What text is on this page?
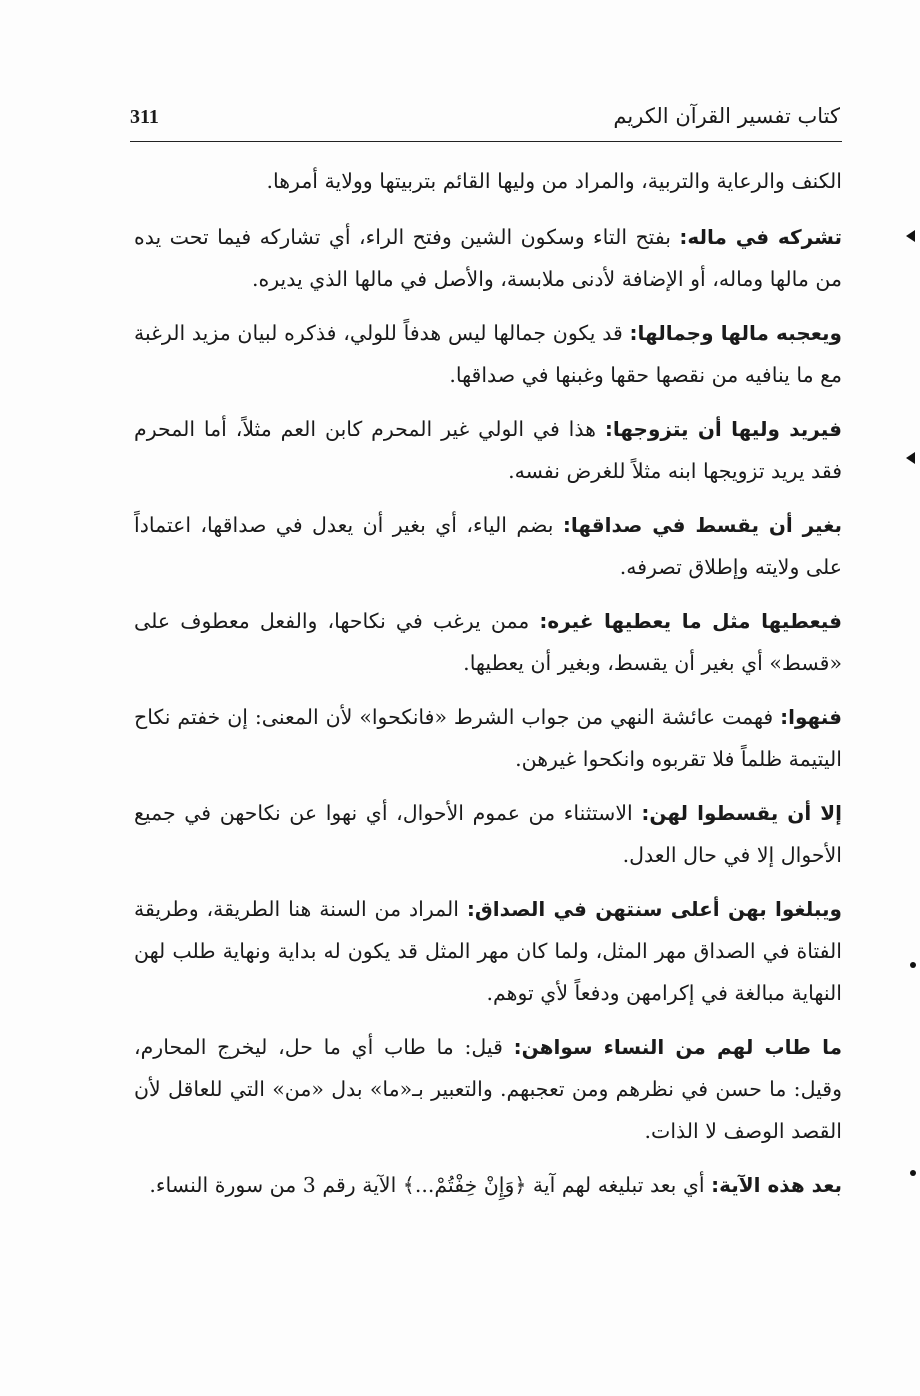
كتاب تفسير القرآن الكريم
311

الكنف والرعاية والتربية، والمراد من وليها القائم بتربيتها وولاية أمرها.

تشركه في ماله: بفتح التاء وسكون الشين وفتح الراء، أي تشاركه فيما تحت يده من مالها وماله، أو الإضافة لأدنى ملابسة، والأصل في مالها الذي يديره.

ويعجبه مالها وجمالها: قد يكون جمالها ليس هدفاً للولي، فذكره لبيان مزيد الرغبة مع ما ينافيه من نقصها حقها وغبنها في صداقها.

فيريد وليها أن يتزوجها: هذا في الولي غير المحرم كابن العم مثلاً، أما المحرم فقد يريد تزويجها ابنه مثلاً للغرض نفسه.

بغير أن يقسط في صداقها: بضم الياء، أي بغير أن يعدل في صداقها، اعتماداً على ولايته وإطلاق تصرفه.

فيعطيها مثل ما يعطيها غيره: ممن يرغب في نكاحها، والفعل معطوف على «قسط» أي بغير أن يقسط، وبغير أن يعطيها.

فنهوا: فهمت عائشة النهي من جواب الشرط «فانكحوا» لأن المعنى: إن خفتم نكاح اليتيمة ظلماً فلا تقربوه وانكحوا غيرهن.

إلا أن يقسطوا لهن: الاستثناء من عموم الأحوال، أي نهوا عن نكاحهن في جميع الأحوال إلا في حال العدل.

ويبلغوا بهن أعلى سنتهن في الصداق: المراد من السنة هنا الطريقة، وطريقة الفتاة في الصداق مهر المثل، ولما كان مهر المثل قد يكون له بداية ونهاية طلب لهن النهاية مبالغة في إكرامهن ودفعاً لأي توهم.

ما طاب لهم من النساء سواهن: قيل: ما طاب أي ما حل، ليخرج المحارم، وقيل: ما حسن في نظرهم ومن تعجبهم. والتعبير بـ«ما» بدل «من» التي للعاقل لأن القصد الوصف لا الذات.

بعد هذه الآية: أي بعد تبليغه لهم آية ﴿وَإِنْ خِفْتُمْ...﴾ الآية رقم 3 من سورة النساء.
